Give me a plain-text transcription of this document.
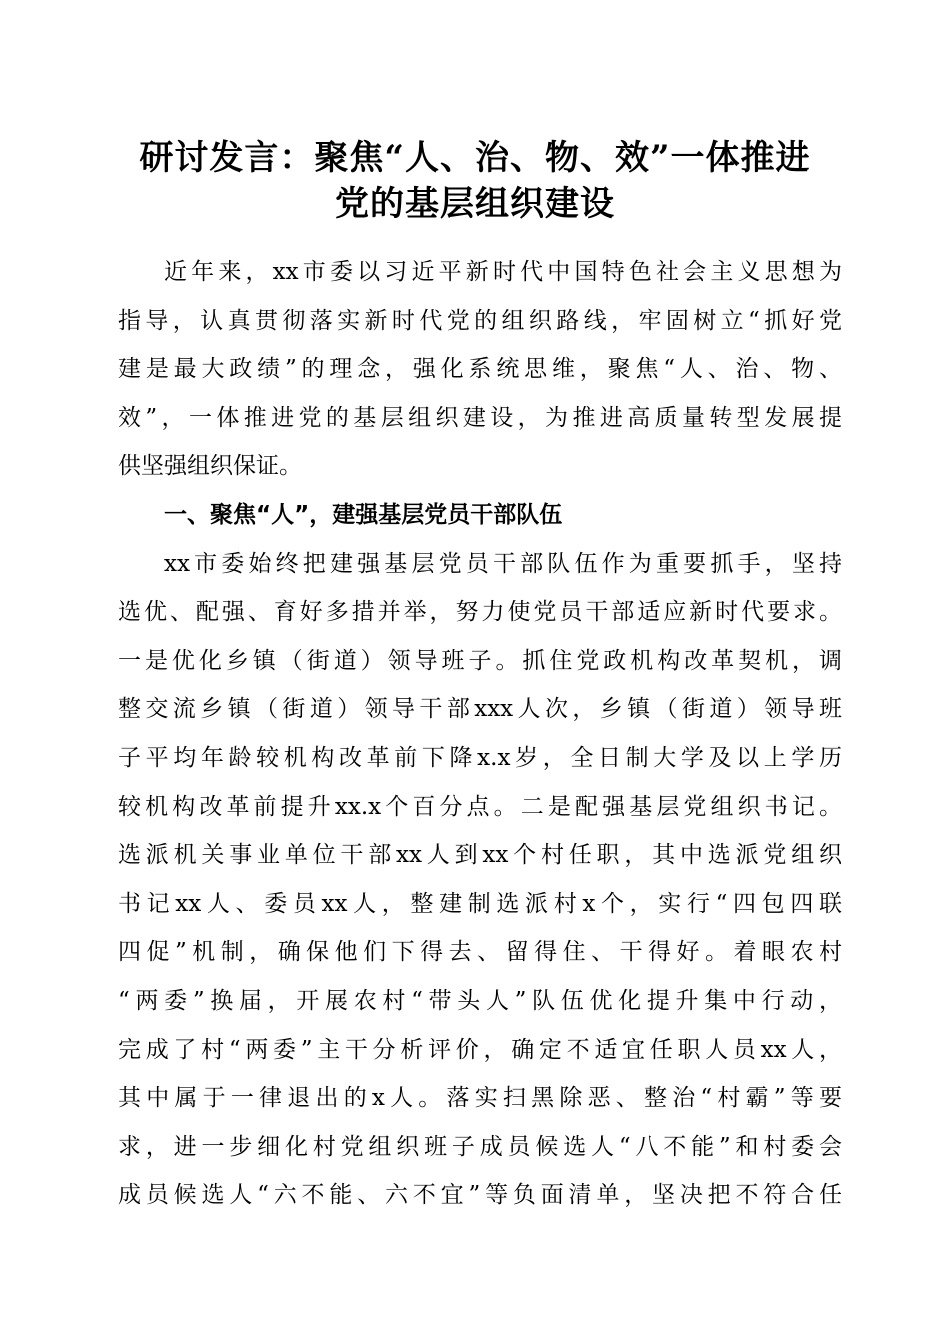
研讨发言：聚焦“人、治、物、效”一体推进
党的基层组织建设
近年来，xx市委以习近平新时代中国特色社会主义思想为
指导，认真贯彻落实新时代党的组织路线，牢固树立“抓好党
建是最大政绩”的理念，强化系统思维，聚焦“人、治、物、
效”，一体推进党的基层组织建设，为推进高质量转型发展提
供坚强组织保证。
一、聚焦“人”，建强基层党员干部队伍
xx市委始终把建强基层党员干部队伍作为重要抓手，坚持
选优、配强、育好多措并举，努力使党员干部适应新时代要求。
一是优化乡镇（街道）领导班子。抓住党政机构改革契机，调
整交流乡镇（街道）领导干部xxx人次，乡镇（街道）领导班
子平均年龄较机构改革前下降x.x岁，全日制大学及以上学历
较机构改革前提升xx.x个百分点。二是配强基层党组织书记。
选派机关事业单位干部xx人到xx个村任职，其中选派党组织
书记xx人、委员xx人，整建制选派村x个，实行“四包四联
四促”机制，确保他们下得去、留得住、干得好。着眼农村
“两委”换届，开展农村“带头人”队伍优化提升集中行动，
完成了村“两委”主干分析评价，确定不适宜任职人员xx人，
其中属于一律退出的x人。落实扫黑除恶、整治“村霸”等要
求，进一步细化村党组织班子成员候选人“八不能”和村委会
成员候选人“六不能、六不宜”等负面清单，坚决把不符合任
